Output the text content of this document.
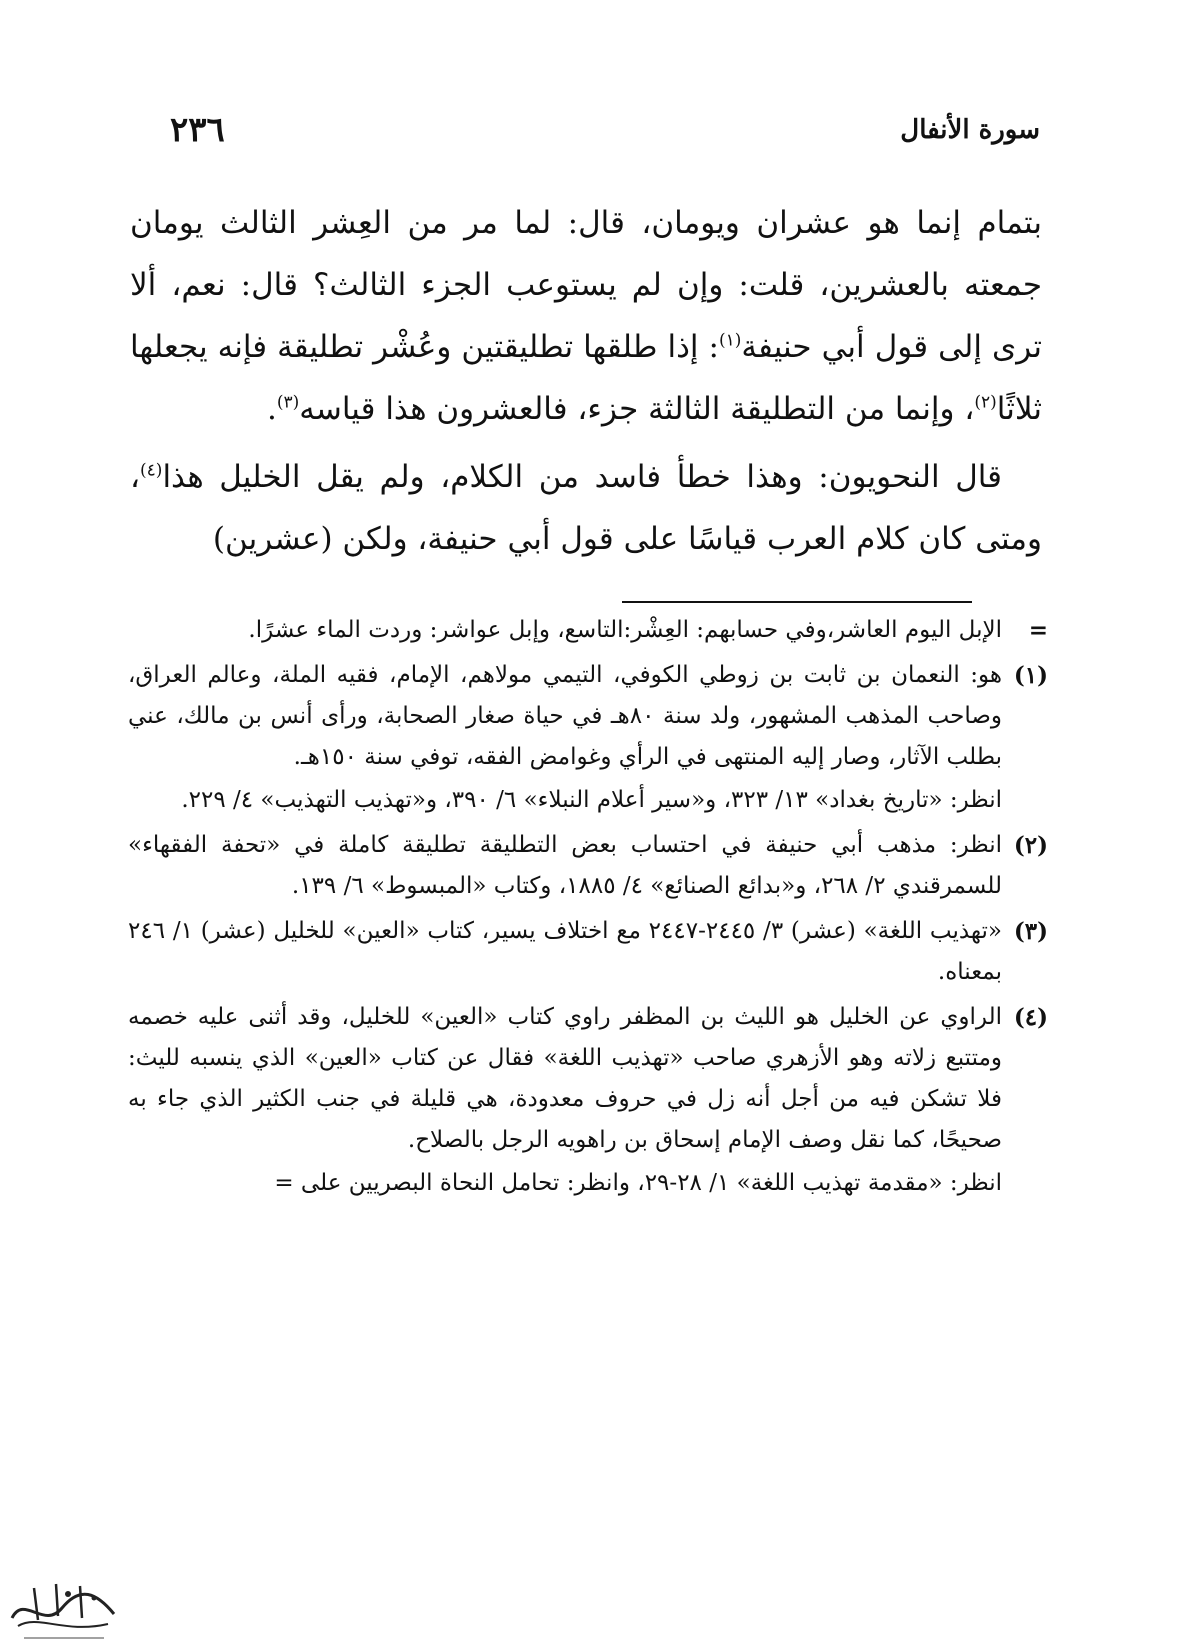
٢٣٦	سورة الأنفال

بتمام إنما هو عشران ويومان، قال: لما مر من العِشر الثالث يومان جمعته بالعشرين، قلت: وإن لم يستوعب الجزء الثالث؟ قال: نعم، ألا ترى إلى قول أبي حنيفة$^{(١)}$: إذا طلقها تطليقتين وعُشْر تطليقة فإنه يجعلها ثلاثًا$^{(٢)}$، وإنما من التطليقة الثالثة جزء، فالعشرون هذا قياسه$^{(٣)}$.

قال النحويون: وهذا خطأ فاسد من الكلام، ولم يقل الخليل هذا$^{(٤)}$، ومتى كان كلام العرب قياسًا على قول أبي حنيفة، ولكن (عشرين)

=

الإبل اليوم العاشر،وفي حسابهم: العِشْر:التاسع، وإبل عواشر: وردت الماء عشرًا.

(١)

هو: النعمان بن ثابت بن زوطي الكوفي، التيمي مولاهم، الإمام، فقيه الملة، وعالم العراق، وصاحب المذهب المشهور، ولد سنة ٨٠هـ في حياة صغار الصحابة، ورأى أنس بن مالك، عني بطلب الآثار، وصار إليه المنتهى في الرأي وغوامض الفقه، توفي سنة ١٥٠هـ.

انظر: «تاريخ بغداد» ١٣/ ٣٢٣، و«سير أعلام النبلاء» ٦/ ٣٩٠، و«تهذيب التهذيب» ٤/ ٢٢٩.

(٢)

انظر: مذهب أبي حنيفة في احتساب بعض التطليقة تطليقة كاملة في «تحفة الفقهاء» للسمرقندي ٢/ ٢٦٨، و«بدائع الصنائع» ٤/ ١٨٨٥، وكتاب «المبسوط» ٦/ ١٣٩.

(٣)

«تهذيب اللغة» (عشر) ٣/ ٢٤٤٥-٢٤٤٧ مع اختلاف يسير، كتاب «العين» للخليل (عشر) ١/ ٢٤٦ بمعناه.

(٤)

الراوي عن الخليل هو الليث بن المظفر راوي كتاب «العين» للخليل، وقد أثنى عليه خصمه ومتتبع زلاته وهو الأزهري صاحب «تهذيب اللغة» فقال عن كتاب «العين» الذي ينسبه لليث: فلا تشكن فيه من أجل أنه زل في حروف معدودة، هي قليلة في جنب الكثير الذي جاء به صحيحًا، كما نقل وصف الإمام إسحاق بن راهويه الرجل بالصلاح.

انظر: «مقدمة تهذيب اللغة» ١/ ٢٨-٢٩، وانظر: تحامل النحاة البصريين على =
